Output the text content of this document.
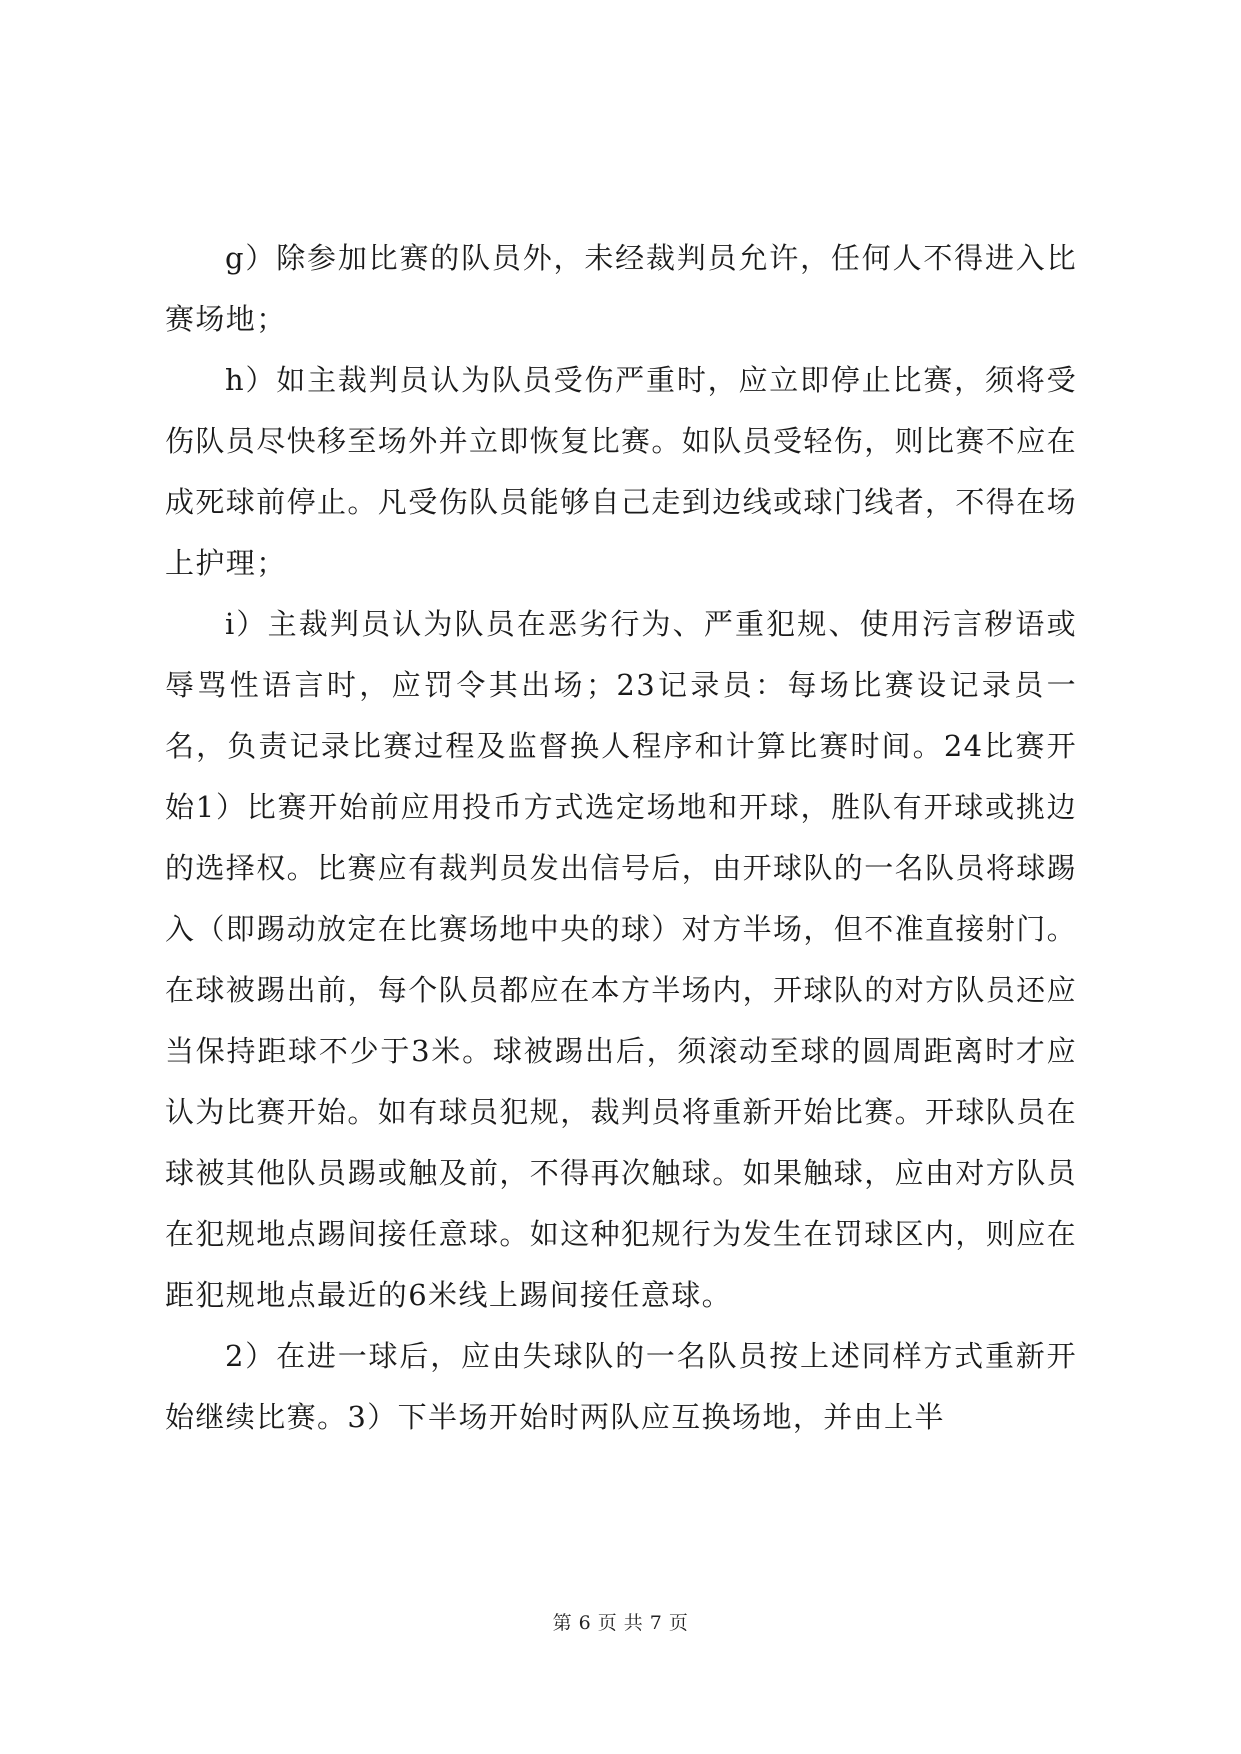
g）除参加比赛的队员外，未经裁判员允许，任何人不得进入比赛场地；

h）如主裁判员认为队员受伤严重时，应立即停止比赛，须将受伤队员尽快移至场外并立即恢复比赛。如队员受轻伤，则比赛不应在成死球前停止。凡受伤队员能够自己走到边线或球门线者，不得在场上护理；

i）主裁判员认为队员在恶劣行为、严重犯规、使用污言秽语或辱骂性语言时，应罚令其出场；23记录员：每场比赛设记录员一名，负责记录比赛过程及监督换人程序和计算比赛时间。24比赛开始1）比赛开始前应用投币方式选定场地和开球，胜队有开球或挑边的选择权。比赛应有裁判员发出信号后，由开球队的一名队员将球踢入（即踢动放定在比赛场地中央的球）对方半场，但不准直接射门。在球被踢出前，每个队员都应在本方半场内，开球队的对方队员还应当保持距球不少于3米。球被踢出后，须滚动至球的圆周距离时才应认为比赛开始。如有球员犯规，裁判员将重新开始比赛。开球队员在球被其他队员踢或触及前，不得再次触球。如果触球，应由对方队员在犯规地点踢间接任意球。如这种犯规行为发生在罚球区内，则应在距犯规地点最近的6米线上踢间接任意球。

2）在进一球后，应由失球队的一名队员按上述同样方式重新开始继续比赛。3）下半场开始时两队应互换场地，并由上半

第 6 页 共 7 页
